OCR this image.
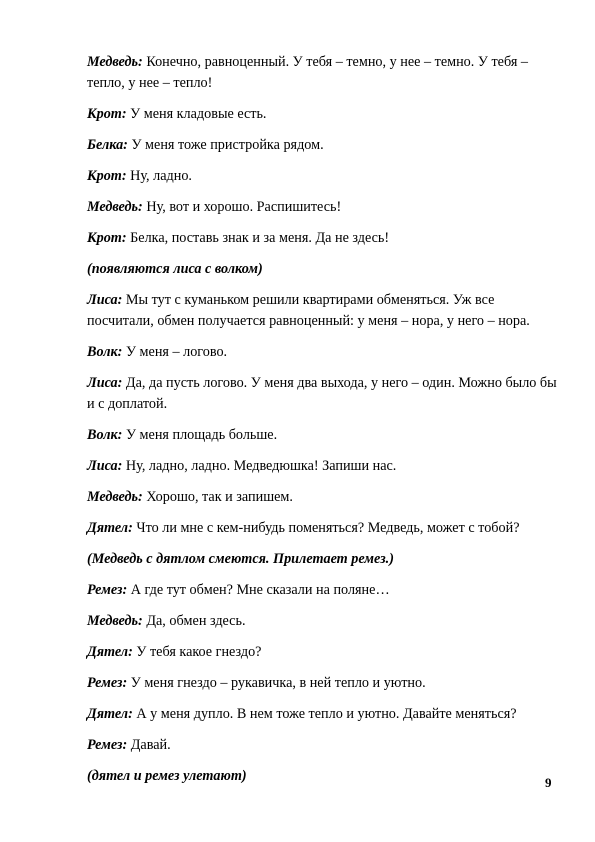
Медведь: Конечно, равноценный. У тебя – темно, у нее – темно. У тебя –

тепло, у нее – тепло!

Крот: У меня кладовые есть.

Белка: У меня тоже пристройка рядом.

Крот: Ну, ладно.

Медведь: Ну, вот и хорошо. Распишитесь!

Крот: Белка, поставь знак и за меня. Да не здесь!

(появляются лиса с волком)

Лиса: Мы тут с куманьком решили квартирами обменяться. Уж все

посчитали, обмен получается равноценный: у меня – нора, у него – нора.

Волк: У меня – логово.

Лиса: Да, да пусть логово. У меня два выхода, у него – один. Можно было бы

и с доплатой.

Волк: У меня площадь больше.

Лиса: Ну, ладно, ладно. Медведюшка! Запиши нас.

Медведь: Хорошо, так и запишем.

Дятел: Что ли мне с кем-нибудь поменяться? Медведь, может с тобой?

(Медведь с дятлом смеются. Прилетает ремез.)

Ремез: А где тут обмен? Мне сказали на поляне…

Медведь: Да, обмен здесь.

Дятел: У тебя какое гнездо?

Ремез: У меня гнездо – рукавичка, в ней тепло и уютно.

Дятел: А у меня дупло. В нем тоже тепло и уютно. Давайте меняться?

Ремез: Давай.

(дятел и ремез улетают)	9
